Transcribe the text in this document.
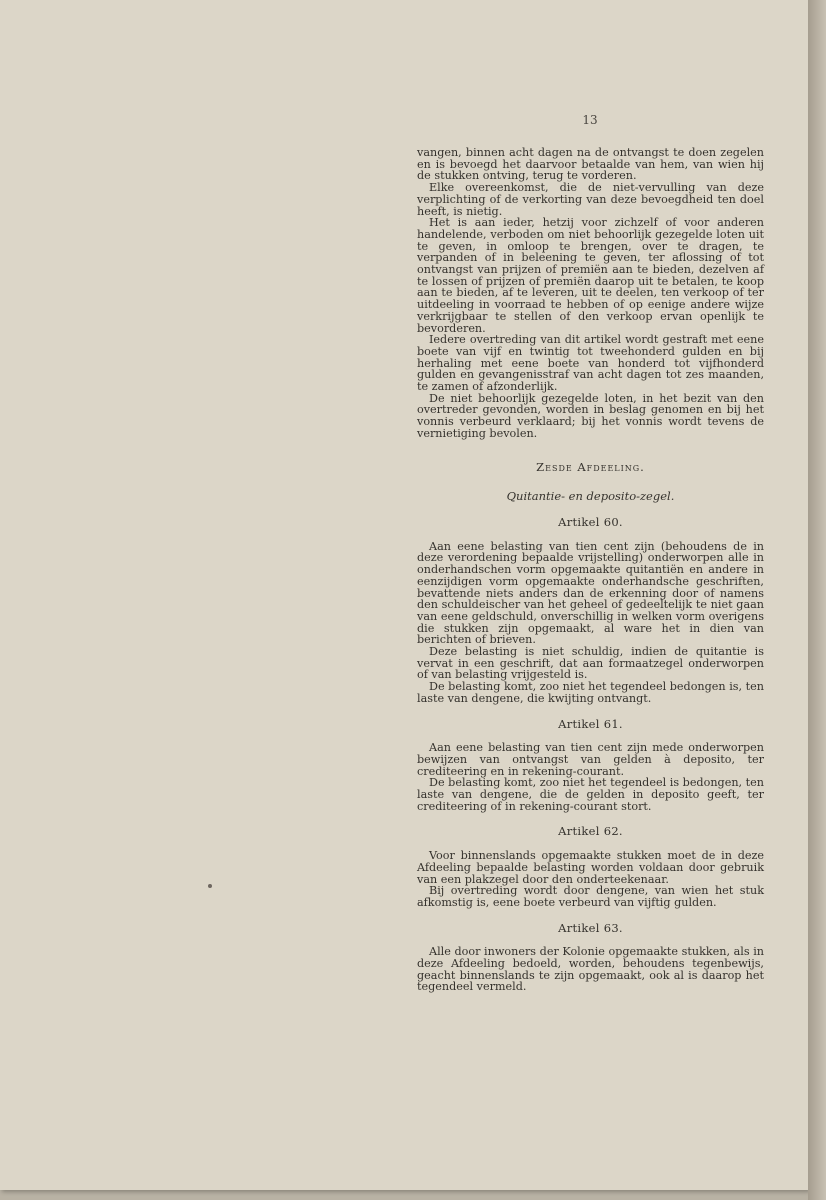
13

vangen, binnen acht dagen na de ontvangst te doen zegelen en is bevoegd het daarvoor betaalde van hem, van wien hij de stukken ontving, terug te vorderen.

Elke overeenkomst, die de niet-vervulling van deze verplichting of de verkorting van deze bevoegdheid ten doel heeft, is nietig.

Het is aan ieder, hetzij voor zichzelf of voor anderen handelende, verboden om niet behoorlijk gezegelde loten uit te geven, in omloop te brengen, over te dragen, te verpanden of in beleening te geven, ter aflossing of tot ontvangst van prijzen of premiën aan te bieden, dezelven af te lossen of prijzen of premiën daarop uit te betalen, te koop aan te bieden, af te leveren, uit te deelen, ten verkoop of ter uitdeeling in voorraad te hebben of op eenige andere wijze verkrijgbaar te stellen of den verkoop ervan openlijk te bevorderen.

Iedere overtreding van dit artikel wordt gestraft met eene boete van vijf en twintig tot tweehonderd gulden en bij herhaling met eene boete van honderd tot vijfhonderd gulden en gevangenisstraf van acht dagen tot zes maanden, te zamen of afzonderlijk.

De niet behoorlijk gezegelde loten, in het bezit van den overtreder gevonden, worden in beslag genomen en bij het vonnis verbeurd verklaard; bij het vonnis wordt tevens de vernietiging bevolen.

Zesde Afdeeling.
Quitantie- en deposito-zegel.
Artikel 60.

Aan eene belasting van tien cent zijn (behoudens de in deze verordening bepaalde vrijstelling) onderworpen alle in onderhandschen vorm opgemaakte quitantiën en andere in eenzijdigen vorm opgemaakte onderhandsche geschriften, bevattende niets anders dan de erkenning door of namens den schuldeischer van het geheel of gedeeltelijk te niet gaan van eene geldschuld, onverschillig in welken vorm overigens die stukken zijn opgemaakt, al ware het in dien van berichten of brieven.

Deze belasting is niet schuldig, indien de quitantie is vervat in een geschrift, dat aan formaatzegel onderworpen of van belasting vrijgesteld is.

De belasting komt, zoo niet het tegendeel bedongen is, ten laste van dengene, die kwijting ontvangt.

Artikel 61.

Aan eene belasting van tien cent zijn mede onderworpen bewijzen van ontvangst van gelden à deposito, ter crediteering en in rekening-courant.

De belasting komt, zoo niet het tegendeel is bedongen, ten laste van dengene, die de gelden in deposito geeft, ter crediteering of in rekening-courant stort.

Artikel 62.

Voor binnenslands opgemaakte stukken moet de in deze Afdeeling bepaalde belasting worden voldaan door gebruik van een plakzegel door den onderteekenaar.

Bij overtreding wordt door dengene, van wien het stuk afkomstig is, eene boete verbeurd van vijftig gulden.

Artikel 63.

Alle door inwoners der Kolonie opgemaakte stukken, als in deze Afdeeling bedoeld, worden, behoudens tegenbewijs, geacht binnenslands te zijn opgemaakt, ook al is daarop het tegendeel vermeld.
